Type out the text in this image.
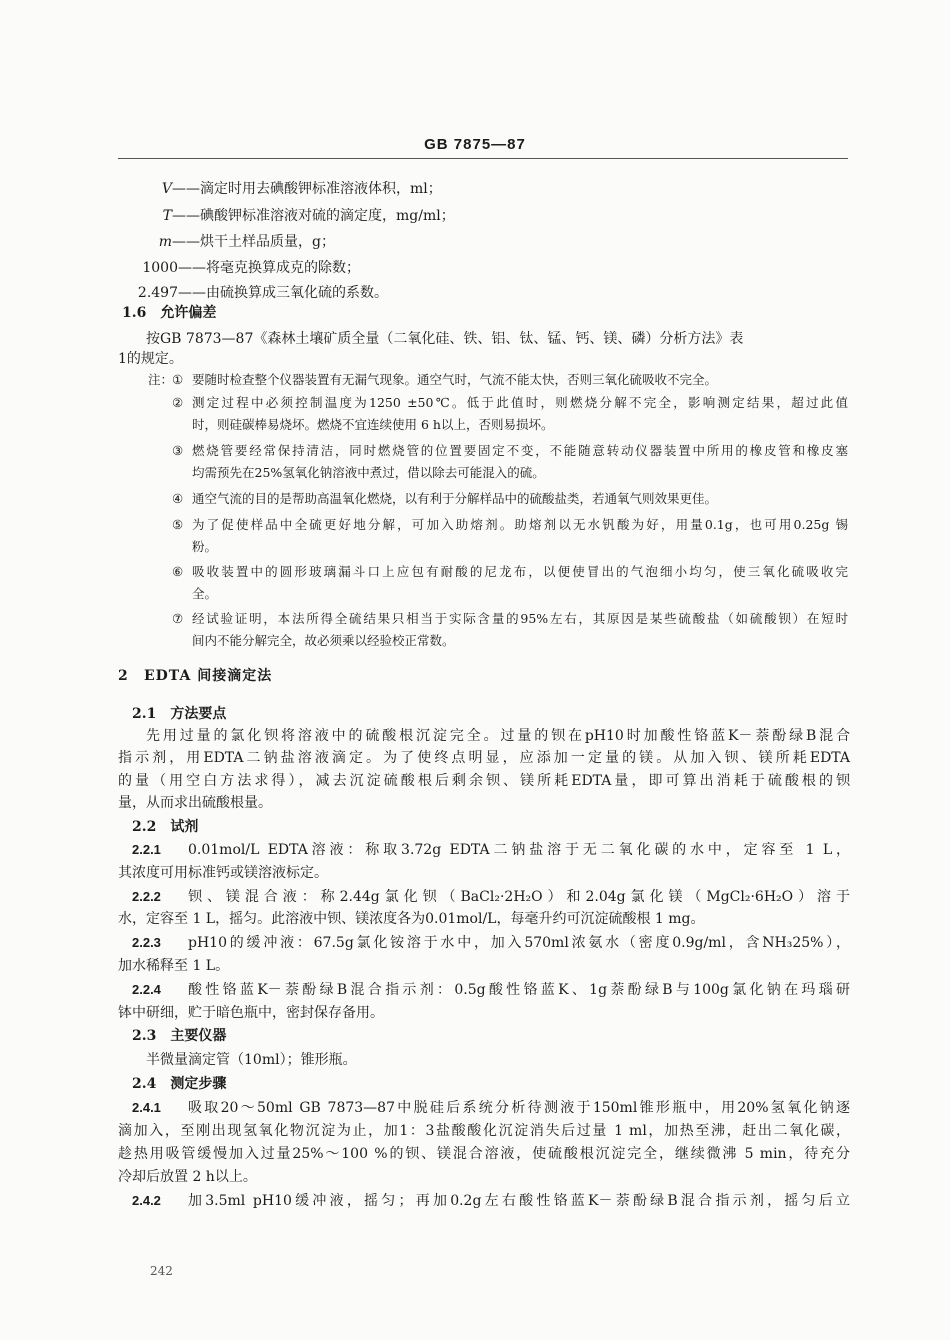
GB 7875—87
V——滴定时用去碘酸钾标准溶液体积，ml；
T——碘酸钾标准溶液对硫的滴定度，mg/ml；
m——烘干土样品质量，g；
1000——将毫克换算成克的除数；
2.497——由硫换算成三氧化硫的系数。
1.6　允许偏差
按GB 7873—87《森林土壤矿质全量（二氧化硅、铁、铝、钛、锰、钙、镁、磷）分析方法》表
1的规定。
注：
① 要随时检查整个仪器装置有无漏气现象。通空气时，气流不能太快，否则三氧化硫吸收不完全。
② 测定过程中必须控制温度为1250 ±50℃。低于此值时，则燃烧分解不完全，影响测定结果，超过此值
时，则硅碳棒易烧坏。燃烧不宜连续使用 6 h以上，否则易损坏。
③ 燃烧管要经常保持清洁，同时燃烧管的位置要固定不变，不能随意转动仪器装置中所用的橡皮管和橡皮塞
均需预先在25%氢氧化钠溶液中煮过，借以除去可能混入的硫。
④ 通空气流的目的是帮助高温氧化燃烧，以有利于分解样品中的硫酸盐类，若通氧气则效果更佳。
⑤ 为了促使样品中全硫更好地分解，可加入助熔剂。助熔剂以无水钒酸为好，用量0.1g，也可用0.25g 锡
粉。
⑥ 吸收装置中的圆形玻璃漏斗口上应包有耐酸的尼龙布，以便使冒出的气泡细小均匀，使三氧化硫吸收完
全。
⑦ 经试验证明，本法所得全硫结果只相当于实际含量的95%左右，其原因是某些硫酸盐（如硫酸钡）在短时
间内不能分解完全，故必须乘以经验校正常数。
2 EDTA 间接滴定法
2.1　方法要点
先用过量的氯化钡将溶液中的硫酸根沉淀完全。过量的钡在pH10时加酸性铬蓝K－萘酚绿B混合
指示剂，用EDTA二钠盐溶液滴定。为了使终点明显，应添加一定量的镁。从加入钡、镁所耗EDTA
的量（用空白方法求得），减去沉淀硫酸根后剩余钡、镁所耗EDTA量，即可算出消耗于硫酸根的钡
量，从而求出硫酸根量。
2.2　试剂
2.2.1 0.01mol/L EDTA溶液：称取3.72g EDTA二钠盐溶于无二氧化碳的水中，定容至 1 L，
其浓度可用标准钙或镁溶液标定。
2.2.2 钡、镁混合液：称2.44g氯化钡（BaCl₂·2H₂O）和2.04g氯化镁（MgCl₂·6H₂O）溶于
水，定容至 1 L，摇匀。此溶液中钡、镁浓度各为0.01mol/L，每毫升约可沉淀硫酸根 1 mg。
2.2.3 pH10的缓冲液：67.5g氯化铵溶于水中，加入570ml浓氨水（密度0.9g/ml，含NH₃25%），
加水稀释至 1 L。
2.2.4 酸性铬蓝K－萘酚绿B混合指示剂：0.5g酸性铬蓝K、1g萘酚绿B与100g氯化钠在玛瑙研
钵中研细，贮于暗色瓶中，密封保存备用。
2.3　主要仪器
半微量滴定管（10ml）；锥形瓶。
2.4　测定步骤
2.4.1 吸取20～50ml GB 7873—87中脱硅后系统分析待测液于150ml锥形瓶中，用20%氢氧化钠逐
滴加入，至刚出现氢氧化物沉淀为止，加1：3盐酸酸化沉淀消失后过量 1 ml，加热至沸，赶出二氧化碳，
趁热用吸管缓慢加入过量25%～100 %的钡、镁混合溶液，使硫酸根沉淀完全，继续微沸 5 min，待充分
冷却后放置 2 h以上。
2.4.2 加3.5ml pH10缓冲液，摇匀；再加0.2g左右酸性铬蓝K－萘酚绿B混合指示剂，摇匀后立
242
